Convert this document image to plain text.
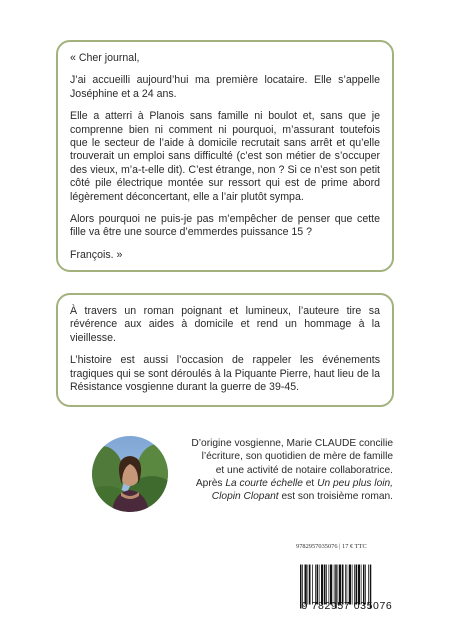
« Cher journal,

J’ai accueilli aujourd’hui ma première locataire. Elle s’appelle Joséphine et a 24 ans.

Elle a atterri à Planois sans famille ni boulot et, sans que je comprenne bien ni comment ni pourquoi, m’assurant toutefois que le secteur de l’aide à domicile recrutait sans arrêt et qu’elle trouverait un emploi sans difficulté (c’est son métier de s’occuper des vieux, m’a-t-elle dit). C’est étrange, non ? Si ce n’est son petit côté pile électrique montée sur ressort qui est de prime abord légèrement déconcertant, elle a l’air plutôt sympa.

Alors pourquoi ne puis-je pas m’empêcher de penser que cette fille va être une source d’emmerdes puissance 15 ?

François. »

À travers un roman poignant et lumineux, l’auteure tire sa révérence aux aides à domicile et rend un hommage à la vieillesse.

L’histoire est aussi l’occasion de rappeler les événements tragiques qui se sont déroulés à la Piquante Pierre, haut lieu de la Résistance vosgienne durant la guerre de 39-45.

D’origine vosgienne, Marie CLAUDE concilie
l’écriture, son quotidien de mère de famille
et une activité de notaire collaboratrice.
Après La courte échelle et Un peu plus loin,
Clopin Clopant est son troisième roman.
9782957035076 | 17 € TTC
9 782957 035076
